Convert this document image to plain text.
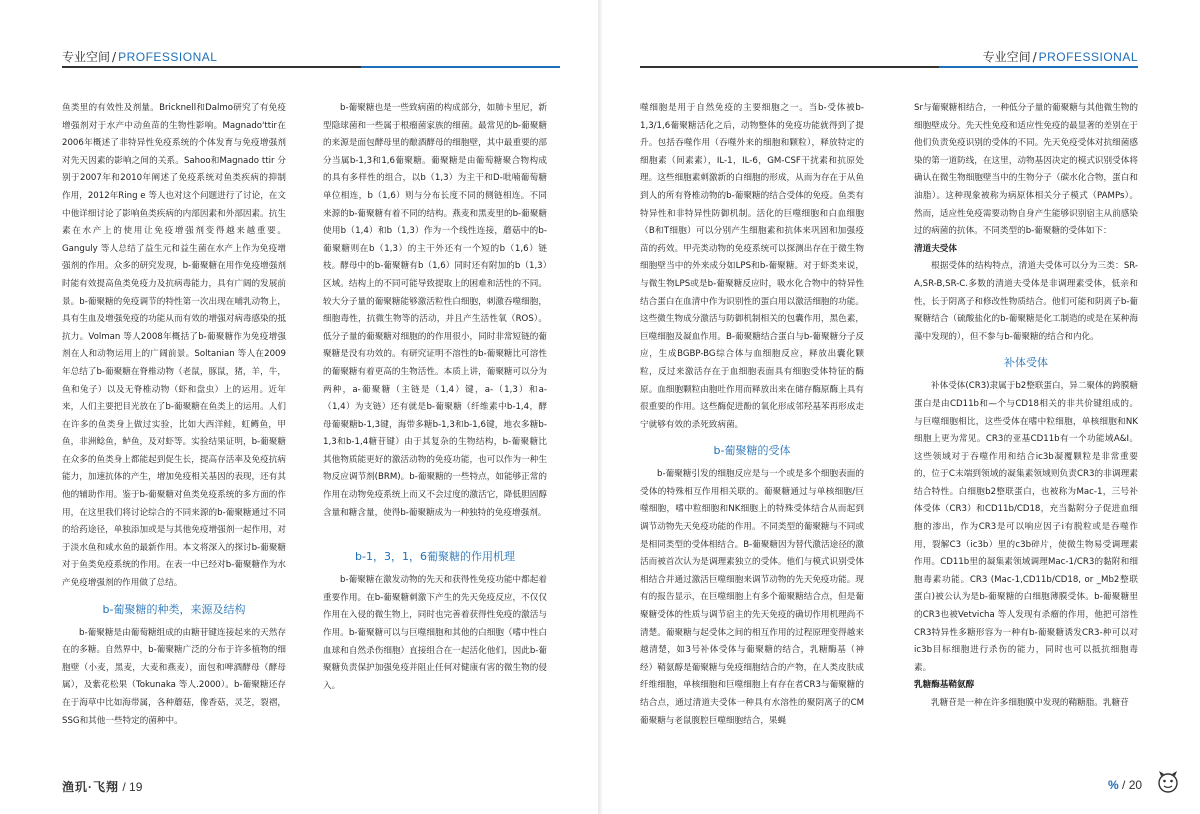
专业空间 / PROFESSIONAL

鱼类里的有效性及剂量。Bricknell和Dalmo研究了有免疫增强剂对于水产中动鱼苗的生物性影响。Magnado'ttir在2006年概述了非特异性免疫系统的个体发育与免疫增强剂对先天因素的影响之间的关系。Sahoo和Magnado ttir 分别于2007年和2010年阐述了免疫系统对鱼类疾病的抑制作用，2012年Ring e 等人也对这个问题进行了讨论，在文中他详细讨论了影响鱼类疾病的内部因素和外部因素。抗生素在水产上的使用让免疫增强剂变得越来越重要。Ganguly 等人总结了益生元和益生菌在水产上作为免疫增强剂的作用。众多的研究发现，b-葡聚糖在用作免疫增强剂时能有效提高鱼类免疫力及抗病毒能力，具有广阔的发展前景。b-葡聚糖的免疫调节的特性第一次出现在哺乳动物上，具有生血及增强免疫的功能从而有效的增强对病毒感染的抵抗力。Volman 等人2008年概括了b-葡聚糖作为免疫增强剂在人和动物运用上的广阔前景。Soltanian 等人在2009年总结了b-葡聚糖在脊椎动物（老鼠，豚鼠，猪，羊，牛，鱼和兔子）以及无脊椎动物（虾和盘虫）上的运用。近年来，人们主要把目光放在了b-葡聚糖在鱼类上的运用。人们在许多的鱼类身上做过实验，比如大西洋鲑，虹鳟鱼，甲鱼，非洲鲶鱼，鲈鱼，及对虾等。实验结果证明，b-葡聚糖在众多的鱼类身上都能起到促生长，提高存活率及免疫抗病能力，加速抗体的产生，增加免疫相关基因的表现，还有其他的辅助作用。鉴于b-葡聚糖对鱼类免疫系统的多方面的作用，在这里我们将讨论综合的不同来源的b-葡聚糖通过不同的给药途径，单独添加或是与其他免疫增强剂一起作用，对于淡水鱼和咸水鱼的最新作用。本文将深入的探讨b-葡聚糖对于鱼类免疫系统的作用。在表一中已经对b-葡聚糖作为水产免疫增强剂的作用做了总结。

b-葡聚糖的种类，来源及结构

b-葡聚糖是由葡萄糖组成的由糖苷键连接起来的天然存在的多糖。自然界中，b-葡聚糖广泛的分布于许多植物的细胞壁（小麦，黑麦，大麦和燕麦），面包和啤酒酵母（酵母属），及紫花松果（Tokunaka 等人.2000）。b-葡聚糖还存在于海草中比如海带属，各种蘑菇，像香菇，灵芝，裂褶，SSG和其他一些特定的菌种中。

b-葡聚糖也是一些致病菌的构成部分，如肺卡里尼，新型隐球菌和一些属于根瘤菌家族的细菌。最常见的b-葡聚糖的来源是面包酵母里的酿酒酵母的细胞壁，其中最重要的部分当属b-1,3和1,6葡聚糖。葡聚糖是由葡萄糖聚合物构成的具有多样性的组合，以b（1,3）为主干和D-吡喃葡萄糖单位相连，b（1,6）则与分布长度不同的侧链相连。不同来源的b-葡聚糖有着不同的结构。燕麦和黑麦里的b-葡聚糖使用b（1,4）和b（1,3）作为一个线性连接，蘑菇中的b-葡聚糖则在b（1,3）的主干外还有一个短的b（1,6）链枝。酵母中的b-葡聚糖有b（1,6）同时还有附加的b（1,3）区域。结构上的不同可能导致提取上的困难和活性的不同。较大分子量的葡聚糖能够激活粒性白细胞，刺激吞噬细胞，细胞毒性，抗微生物等的活动，并且产生活性氧（ROS）。低分子量的葡聚糖对细胞的的作用很小，同时非常短链的葡聚糖是没有功效的。有研究证明不溶性的b-葡聚糖比可溶性的葡聚糖有着更高的生物活性。本质上讲，葡聚糖可以分为两种，a-葡聚糖（主链是（1,4）键，a-（1,3）和a-（1,4）为支链）还有就是b-葡聚糖（纤维素中b-1,4，酵母葡聚糖b-1,3键，海带多糖b-1,3和b-1,6键，地衣多糖b-1,3和b-1,4糖苷键）由于其复杂的生物结构，b-葡聚糖比其他物质能更好的激活动物的免疫功能，也可以作为一种生物反应调节剂(BRM)。b-葡聚糖的一些特点，如能够正常的作用在动物免疫系统上而又不会过度的激活它，降低胆固醇含量和糖含量，使得b-葡聚糖成为一种独特的免疫增强剂。

b-1，3，1，6葡聚糖的作用机理

b-葡聚糖在激发动物的先天和获得性免疫功能中都起着重要作用。在b-葡聚糖刺激下产生的先天免疫反应，不仅仅作用在入侵的微生物上，同时也完善着获得性免疫的激活与作用。b-葡聚糖可以与巨噬细胞和其他的白细胞（嗜中性白血球和自然杀伤细胞）直接组合在一起活化他们，因此b-葡聚糖负责保护加强免疫并阻止任何对健康有害的微生物的侵入。

渔玑·飞翔 / 19
专业空间 / PROFESSIONAL

噬细胞是用于自然免疫的主要细胞之一。当b-受体被b-1,3/1,6葡聚糖活化之后，动物整体的免疫功能就得到了提升。包括吞噬作用（吞噬外来的细胞和颗粒），释放特定的细胞素（间素素），IL-1，IL-6，GM-CSF干扰素和抗原处理。这些细胞素刺激新的白细胞的形成，从而为存在于从鱼到人的所有脊椎动物的b-葡聚糖的结合受体的免疫。鱼类有特异性和非特异性防御机制。活化的巨噬细胞和白血细胞（B和T细胞）可以分别产生细胞素和抗体来巩固和加强疫苗的药效。甲壳类动物的免疫系统可以探测出存在于微生物细胞壁当中的外来成分如LPS和b-葡聚糖。对于虾类来说，与微生物LPS或是b-葡聚糖反应时，吸水化合物中的特异性结合蛋白在血清中作为识别性的蛋白用以激活细胞的功能。这些微生物成分激活与防御机制相关的包囊作用，黑色素，巨噬细胞及凝血作用。B-葡聚糖结合蛋白与b-葡聚糖分子反应，生成BGBP-BG综合体与血细胞反应，释放出囊化颗粒，反过来激活存在于血细胞表面具有细胞受体特征的酶原。血细胞颗粒由胞吐作用而释放出来在储存酶原酶上具有很重要的作用。这些酶促进酚的氧化形成邻羟基苯再形成走宁就够有效的杀死致病菌。

b-葡聚糖的受体

b-葡聚糖引发的细胞反应是与一个或是多个细胞表面的受体的特殊相互作用相关联的。葡聚糖通过与单核细胞/巨噬细胞，嗜中粒细胞和NK细胞上的特殊受体结合从而起到调节动物先天免疫功能的作用。不同类型的葡聚糖与不同或是相同类型的受体相结合。B-葡聚糖因为替代激活途径的激活而被首次认为是调理素独立的受体。他们与模式识别受体相结合并通过激活巨噬细胞来调节动物的先天免疫功能。现有的报告显示，在巨噬细胞上有多个葡聚糖结合点，但是葡聚糖受体的性质与调节宿主的先天免疫的确切作用机理尚不清楚。葡聚糖与起受体之间的相互作用的过程原理变得越来越清楚，如3号补体受体与葡聚糖的结合，乳糖酶基（神经）鞘氨醇是葡聚糖与免疫细胞结合的产物，在人类皮肤成纤维细胞，单核细胞和巨噬细胞上有存在者CR3与葡聚糖的结合点，通过清道夫受体一种具有水溶性的聚阴离子的CM葡聚糖与老鼠腹腔巨噬细胞结合，果蝇

Sr与葡聚糖相结合，一种低分子量的葡聚糖与其他微生物的细胞壁成分。先天性免疫和适应性免疫的最显著的差别在于他们负责免疫识别的受体的不同。先天免疫受体对抗细菌感染的第一道防线，在这里，动物基因决定的模式识别受体将确认在微生物细胞壁当中的生物分子（碳水化合物，蛋白和油脂）。这种现象被称为病原体相关分子模式（PAMPs）。然而，适应性免疫需要动物自身产生能够识别宿主从前感染过的病菌的抗体。不同类型的b-葡聚糖的受体如下：

清道夫受体

根据受体的结构特点，清道夫受体可以分为三类：SR-A,SR-B,SR-C.多数的清道夫受体是非调理素受体，低亲和性，长于阴离子和修改性物质结合。他们可能和阴离子b-葡聚糖结合（硫酸盐化的b-葡聚糖是化工制造的或是在某种海藻中发现的），但不参与b-葡聚糖的结合和内化。

补体受体

补体受体(CR3)隶属于b2整联蛋白，异二聚体的跨膜糖蛋白是由CD11b和—个与CD18相关的非共价键组成的。与巨噬细胞相比，这些受体在嗜中粒细胞，单核细胞和NK细胞上更为常见。CR3的亚基CD11b有一个功能域A&I。这些领域对于吞噬作用和结合ic3b凝覆颗粒是非常重要的，位于C末端到领域的凝集素领域则负责CR3的非调理素结合特性。白细胞b2整联蛋白，也被称为Mac-1，三号补体受体（CR3）和CD11b/CD18，充当黏附分子促进血细胞的渗出，作为CR3是可以响应因子i有脱粒或是吞噬作用，裂解C3（ic3b）里的c3b碎片，使微生物易受调理素作用。CD11b里的凝集素领域调理Mac-1/CR3的黏附和细胞毒素功能。CR3 (Mac-1,CD11b/CD18, or _Mb2整联蛋白)被公认为是b-葡聚糖的白细胞薄膜受体。b-葡聚糖里的CR3也被Vetvicha 等人发现有杀瘤的作用，他把可溶性CR3特异性多糖形容为一种有b-葡聚糖诱发CR3-种可以对ic3b目标细胞进行杀伤的能力，同时也可以抵抗细胞毒素。

乳糖酶基鞘氨醇

乳糖苷是一种在许多细胞膜中发现的鞘糖脂。乳糖苷

% / 20
